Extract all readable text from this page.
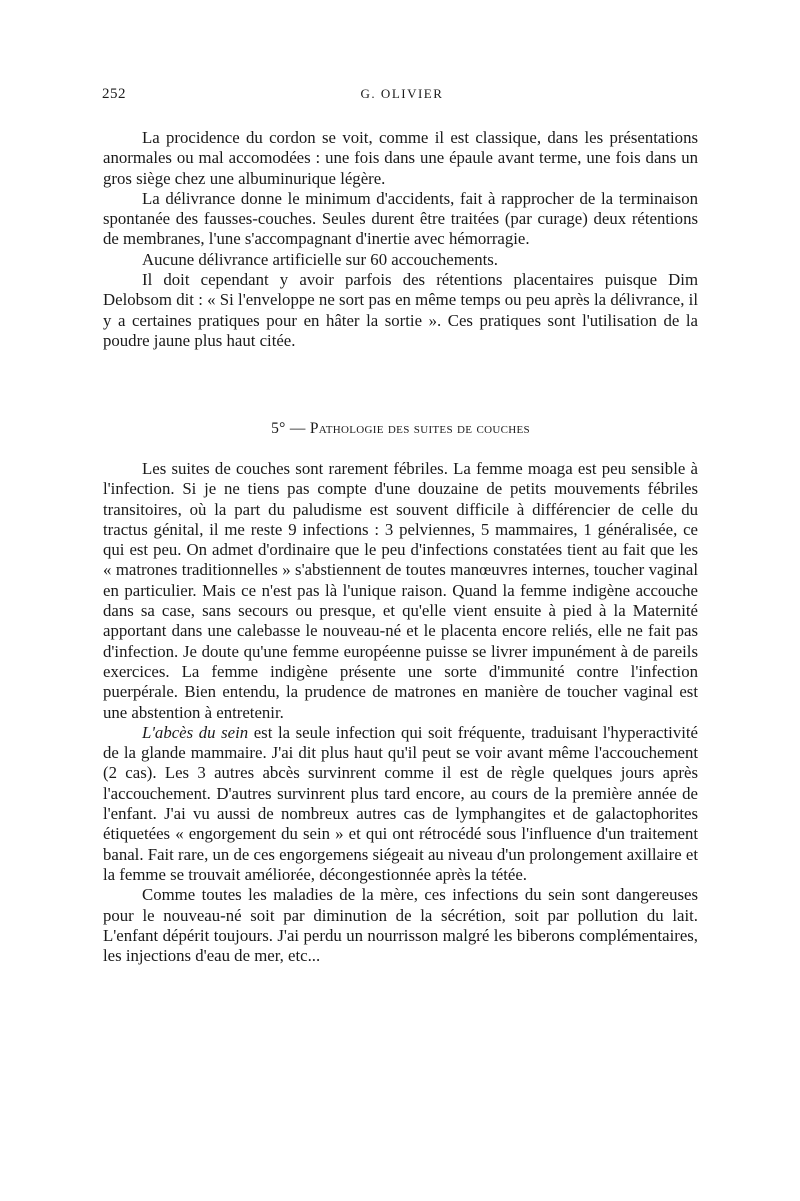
252	G. OLIVIER

La procidence du cordon se voit, comme il est classique, dans les présentations anormales ou mal accomodées : une fois dans une épaule avant terme, une fois dans un gros siège chez une albuminurique légère.

La délivrance donne le minimum d'accidents, fait à rapprocher de la terminaison spontanée des fausses-couches. Seules durent être traitées (par curage) deux rétentions de membranes, l'une s'accompagnant d'inertie avec hémorragie.

Aucune délivrance artificielle sur 60 accouchements.

Il doit cependant y avoir parfois des rétentions placentaires puisque Dim Delobsom dit : « Si l'enveloppe ne sort pas en même temps ou peu après la délivrance, il y a certaines pratiques pour en hâter la sortie ». Ces pratiques sont l'utilisation de la poudre jaune plus haut citée.

5° — Pathologie des suites de couches

Les suites de couches sont rarement fébriles. La femme moaga est peu sensible à l'infection. Si je ne tiens pas compte d'une douzaine de petits mouvements fébriles transitoires, où la part du paludisme est souvent difficile à différencier de celle du tractus génital, il me reste 9 infections : 3 pelviennes, 5 mammaires, 1 généralisée, ce qui est peu. On admet d'ordinaire que le peu d'infections constatées tient au fait que les « matrones traditionnelles » s'abstiennent de toutes manœuvres internes, toucher vaginal en particulier. Mais ce n'est pas là l'unique raison. Quand la femme indigène accouche dans sa case, sans secours ou presque, et qu'elle vient ensuite à pied à la Maternité apportant dans une calebasse le nouveau-né et le placenta encore reliés, elle ne fait pas d'infection. Je doute qu'une femme européenne puisse se livrer impunément à de pareils exercices. La femme indigène présente une sorte d'immunité contre l'infection puerpérale. Bien entendu, la prudence de matrones en manière de toucher vaginal est une abstention à entretenir.

L'abcès du sein est la seule infection qui soit fréquente, traduisant l'hyperactivité de la glande mammaire. J'ai dit plus haut qu'il peut se voir avant même l'accouchement (2 cas). Les 3 autres abcès survinrent comme il est de règle quelques jours après l'accouchement. D'autres survinrent plus tard encore, au cours de la première année de l'enfant. J'ai vu aussi de nombreux autres cas de lymphangites et de galactophorites étiquetées « engorgement du sein » et qui ont rétrocédé sous l'influence d'un traitement banal. Fait rare, un de ces engorgemens siégeait au niveau d'un prolongement axillaire et la femme se trouvait améliorée, décongestionnée après la tétée.

Comme toutes les maladies de la mère, ces infections du sein sont dangereuses pour le nouveau-né soit par diminution de la sécrétion, soit par pollution du lait. L'enfant dépérit toujours. J'ai perdu un nourrisson malgré les biberons complémentaires, les injections d'eau de mer, etc...
